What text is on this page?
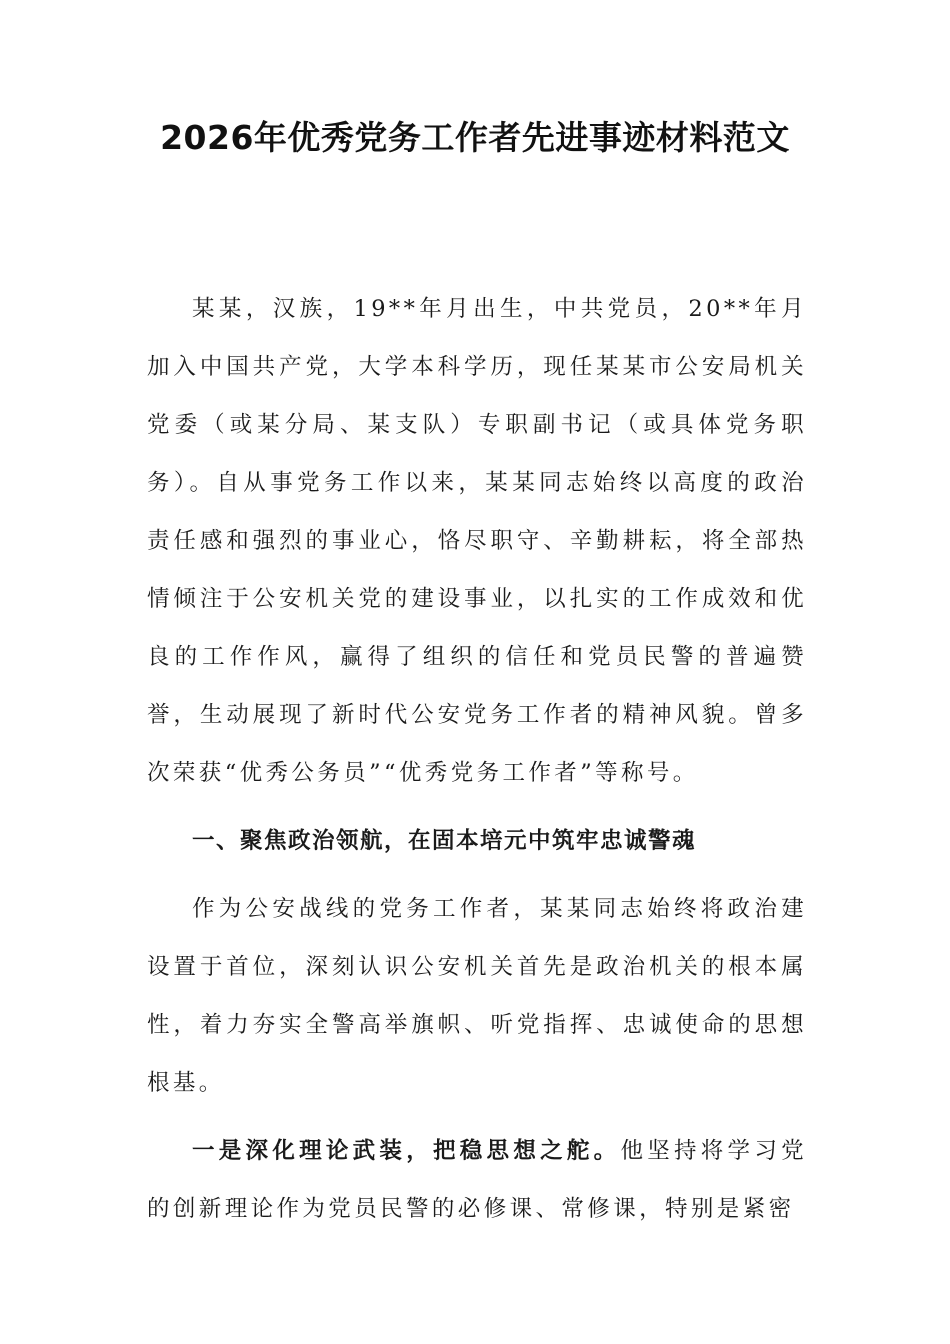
2026年优秀党务工作者先进事迹材料范文

某某，汉族，19**年月出生，中共党员，20**年月加入中国共产党，大学本科学历，现任某某市公安局机关党委（或某分局、某支队）专职副书记（或具体党务职务）。自从事党务工作以来，某某同志始终以高度的政治责任感和强烈的事业心，恪尽职守、辛勤耕耘，将全部热情倾注于公安机关党的建设事业，以扎实的工作成效和优良的工作作风，赢得了组织的信任和党员民警的普遍赞誉，生动展现了新时代公安党务工作者的精神风貌。曾多次荣获“优秀公务员”“优秀党务工作者”等称号。

一、聚焦政治领航，在固本培元中筑牢忠诚警魂

作为公安战线的党务工作者，某某同志始终将政治建设置于首位，深刻认识公安机关首先是政治机关的根本属性，着力夯实全警高举旗帜、听党指挥、忠诚使命的思想根基。

一是深化理论武装，把稳思想之舵。他坚持将学习党的创新理论作为党员民警的必修课、常修课，特别是紧密
